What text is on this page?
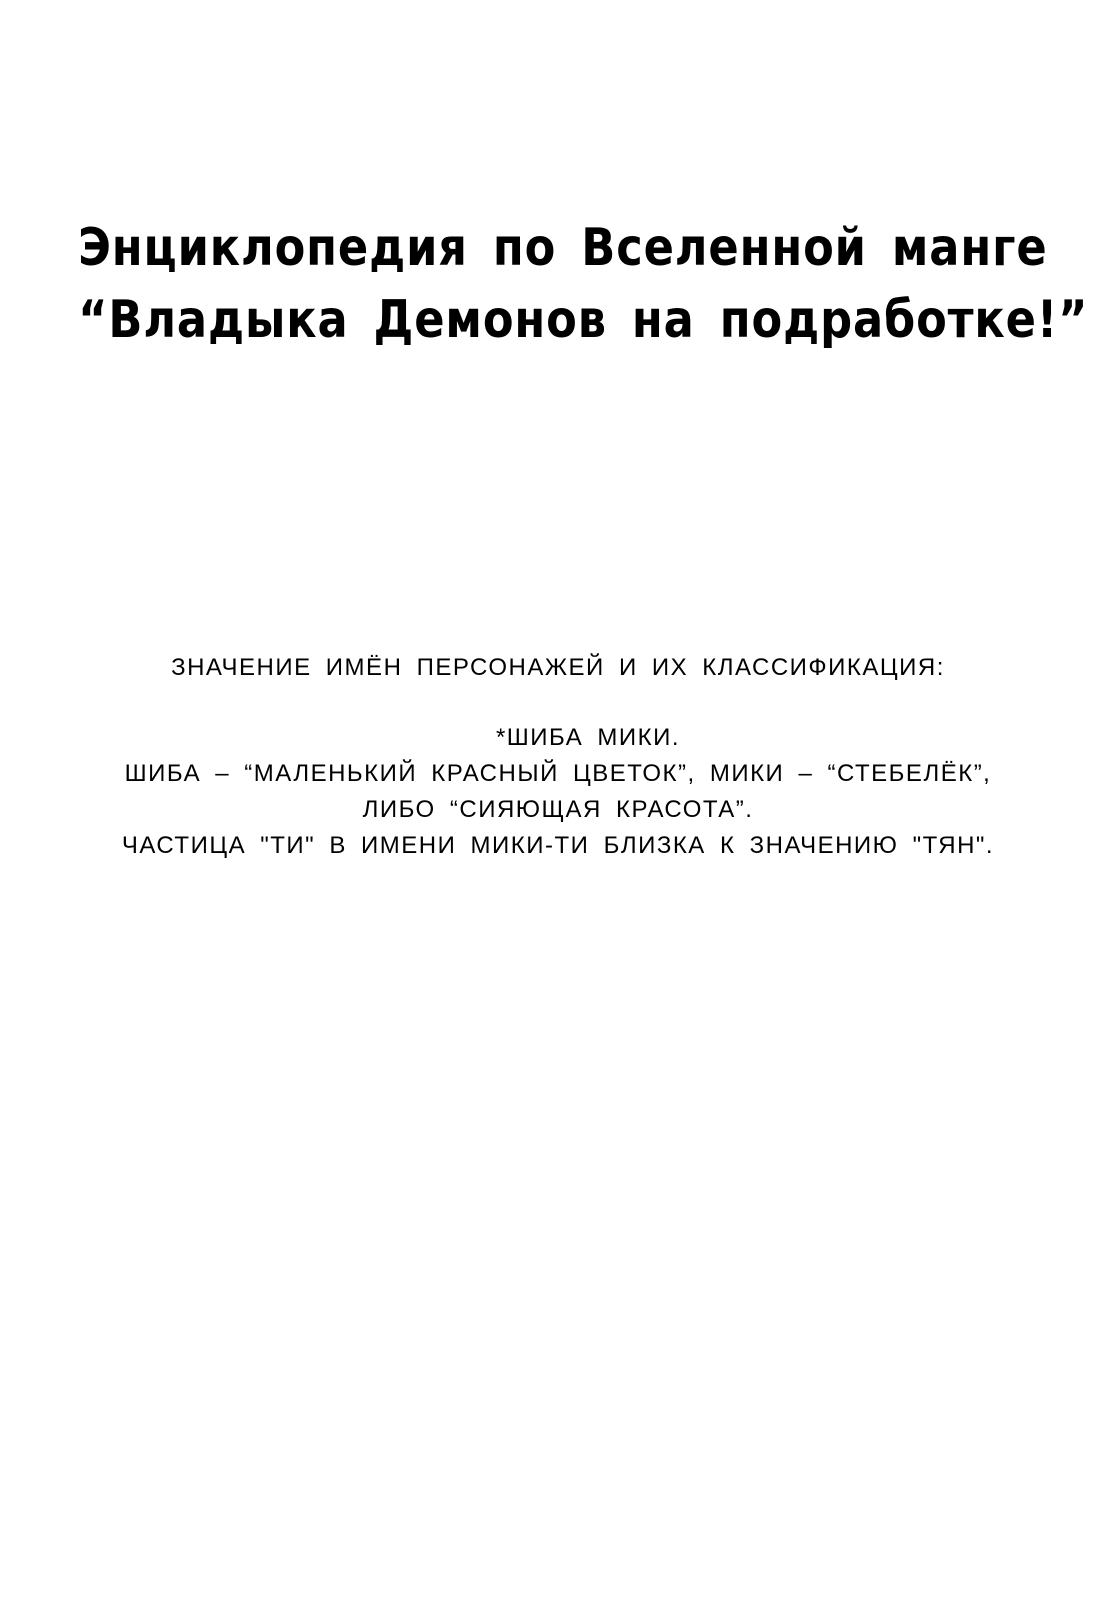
Энциклопедия по Вселенной манге
“Владыка Демонов на подработке!”
ЗНАЧЕНИЕ ИМЁН ПЕРСОНАЖЕЙ И ИХ КЛАССИФИКАЦИЯ:
*ШИБА МИКИ.
ШИБА – “МАЛЕНЬКИЙ КРАСНЫЙ ЦВЕТОК”, МИКИ – “СТЕБЕЛЁК”,
ЛИБО “СИЯЮЩАЯ КРАСОТА”.
ЧАСТИЦА "ТИ" В ИМЕНИ МИКИ-ТИ БЛИЗКА К ЗНАЧЕНИЮ "ТЯН".
